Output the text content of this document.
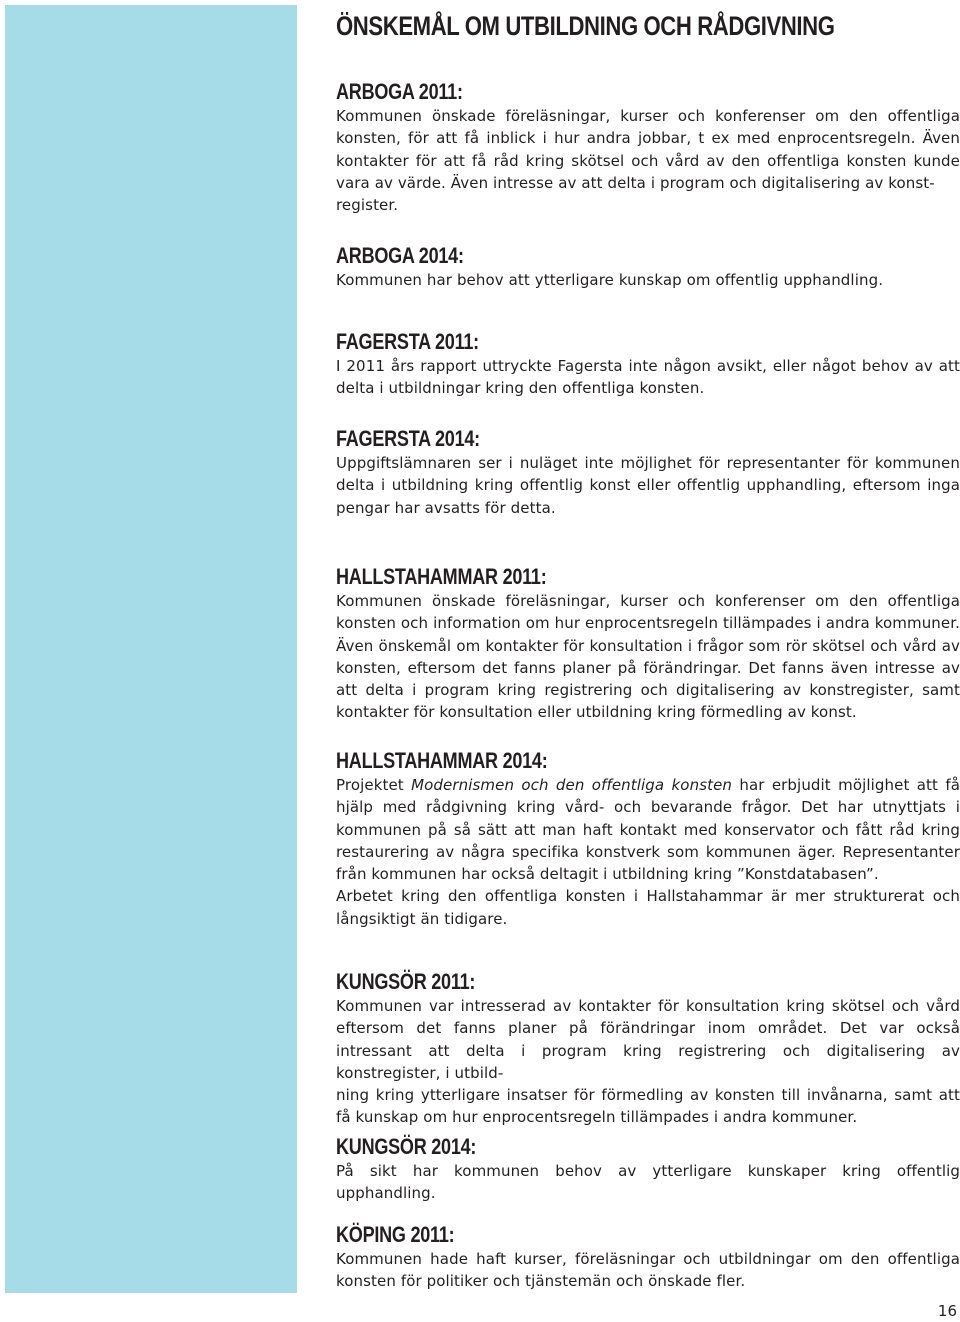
ÖNSKEMÅL OM UTBILDNING OCH RÅDGIVNING
ARBOGA 2011:

Kommunen önskade föreläsningar, kurser och konferenser om den offentliga konsten, för att få inblick i hur andra jobbar, t ex med enprocentsregeln. Även kontakter för att få råd kring skötsel och vård av den offentliga konsten kunde vara av värde. Även intresse av att delta i program och digitalisering av konst-
register.

ARBOGA 2014:

Kommunen har behov att ytterligare kunskap om offentlig upphandling.

FAGERSTA 2011:

I 2011 års rapport uttryckte Fagersta inte någon avsikt, eller något behov av att delta i utbildningar kring den offentliga konsten.

FAGERSTA 2014:

Uppgiftslämnaren ser i nuläget inte möjlighet för representanter för kommunen delta i utbildning kring offentlig konst eller offentlig upphandling, eftersom inga pengar har avsatts för detta.

HALLSTAHAMMAR 2011:

Kommunen önskade föreläsningar, kurser och konferenser om den offentliga konsten och information om hur enprocentsregeln tillämpades i andra kommuner. Även önskemål om kontakter för konsultation i frågor som rör skötsel och vård av konsten, eftersom det fanns planer på förändringar. Det fanns även intresse av att delta i program kring registrering och digitalisering av konstregister, samt kontakter för konsultation eller utbildning kring förmedling av konst.

HALLSTAHAMMAR 2014:

Projektet Modernismen och den offentliga konsten har erbjudit möjlighet att få hjälp med rådgivning kring vård- och bevarande frågor. Det har utnyttjats i kommunen på så sätt att man haft kontakt med konservator och fått råd kring restaurering av några specifika konstverk som kommunen äger. Representanter från kommunen har också deltagit i utbildning kring ”Konstdatabasen”.
Arbetet kring den offentliga konsten i Hallstahammar är mer strukturerat och långsiktigt än tidigare.

KUNGSÖR 2011:

Kommunen var intresserad av kontakter för konsultation kring skötsel och vård eftersom det fanns planer på förändringar inom området. Det var också intressant att delta i program kring registrering och digitalisering av konstregister, i utbild-
ning kring ytterligare insatser för förmedling av konsten till invånarna, samt att få kunskap om hur enprocentsregeln tillämpades i andra kommuner.

KUNGSÖR 2014:

På sikt har kommunen behov av ytterligare kunskaper kring offentlig upphandling.

KÖPING 2011:

Kommunen hade haft kurser, föreläsningar och utbildningar om den offentliga konsten för politiker och tjänstemän och önskade fler.

16
